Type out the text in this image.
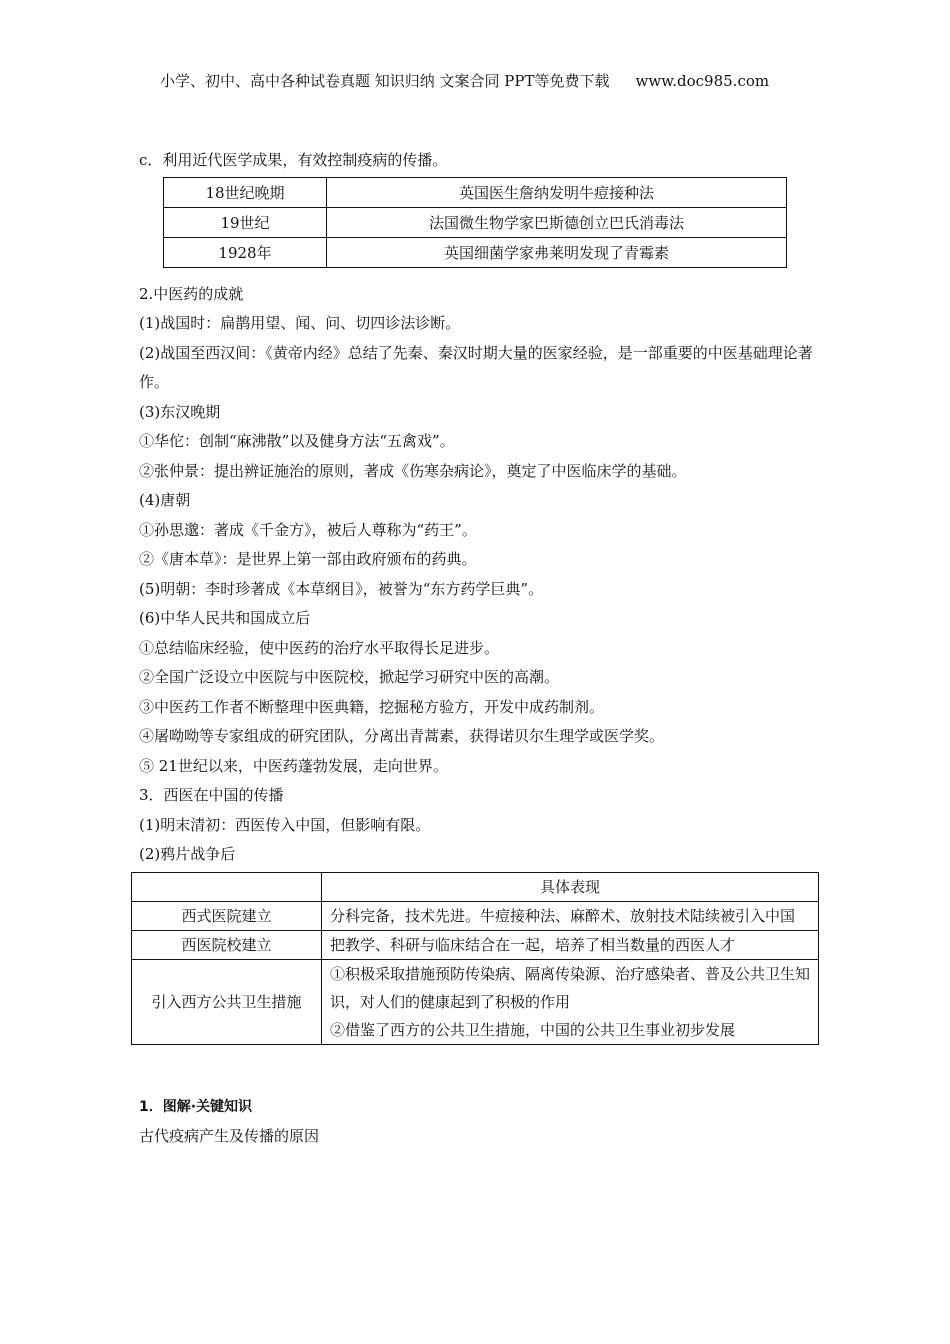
小学、初中、高中各种试卷真题 知识归纳 文案合同 PPT等免费下载 www.doc985.com

c．利用近代医学成果，有效控制疫病的传播。

18世纪晚期	英国医生詹纳发明牛痘接种法
19世纪	法国微生物学家巴斯德创立巴氏消毒法
1928年	英国细菌学家弗莱明发现了青霉素

2.中医药的成就

(1)战国时：扁鹊用望、闻、问、切四诊法诊断。

(2)战国至西汉间：《黄帝内经》总结了先秦、秦汉时期大量的医家经验，是一部重要的中医基础理论著作。

(3)东汉晚期

①华佗：创制“麻沸散”以及健身方法“五禽戏”。

②张仲景：提出辨证施治的原则，著成《伤寒杂病论》，奠定了中医临床学的基础。

(4)唐朝

①孙思邈：著成《千金方》，被后人尊称为“药王”。

②《唐本草》：是世界上第一部由政府颁布的药典。

(5)明朝：李时珍著成《本草纲目》，被誉为“东方药学巨典”。

(6)中华人民共和国成立后

①总结临床经验，使中医药的治疗水平取得长足进步。

②全国广泛设立中医院与中医院校，掀起学习研究中医的高潮。

③中医药工作者不断整理中医典籍，挖掘秘方验方，开发中成药制剂。

④屠呦呦等专家组成的研究团队，分离出青蒿素，获得诺贝尔生理学或医学奖。

⑤ 21世纪以来，中医药蓬勃发展，走向世界。

3．西医在中国的传播

(1)明末清初：西医传入中国，但影响有限。

(2)鸦片战争后

	具体表现
西式医院建立	分科完备，技术先进。牛痘接种法、麻醉术、放射技术陆续被引入中国
西医院校建立	把教学、科研与临床结合在一起，培养了相当数量的西医人才
引入西方公共卫生措施	①积极采取措施预防传染病、隔离传染源、治疗感染者、普及公共卫生知识，对人们的健康起到了积极的作用
②借鉴了西方的公共卫生措施，中国的公共卫生事业初步发展

1．图解·关键知识

古代疫病产生及传播的原因
